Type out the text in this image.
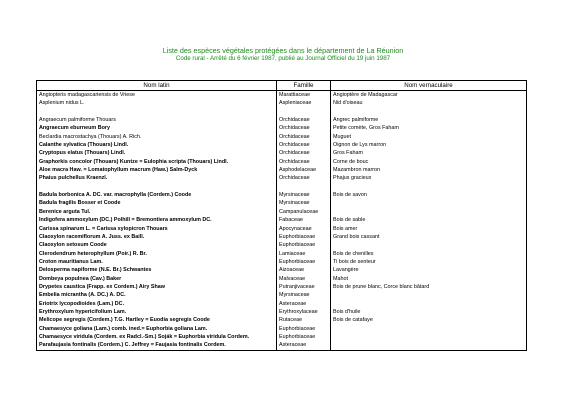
Liste des espèces végétales protégées dans le département de La Réunion
Code rural - Arrêté du 6 février 1987, publié au Journal Officiel du 19 juin 1987
Nom latin	Famille	Nom vernaculaire
Angiopteris madagascariensis de Vriese	Marattiaceae	Angioptère de Madagascar
Asplenium nidus L.	Aspleniaceae	Nid d'oiseau

Angraecum palmiforme Thouars	Orchidaceae	Angrec palmiforme
Angraecum eburneum Bory	Orchidaceae	Petite comète, Gros Faham
Beclardia macrostachya (Thouars) A. Rich.	Orchidaceae	Muguet
Calanthe sylvatica (Thouars) Lindl.	Orchidaceae	Oignon de Lys marron
Cryptopus elatus (Thouars) Lindl.	Orchidaceae	Gros Faham
Graphorkis concolor (Thouars) Kuntze = Eulophia scripta (Thouars) Lindl.	Orchidaceae	Corne de bouc
Aloe macra Haw. = Lomatophyllum macrum (Haw.) Salm-Dyck	Asphodelaceae	Mazambron marron
Phaius pulchellus Kraenzl.	Orchidaceae	Phajus gracieux

Badula borbonica A. DC. var. macrophylla (Cordem.) Coode	Myrsinaceae	Bois de savon
Badula fragilis Bosser et Coode	Myrsinaceae	
Berenice arguta Tul.	Campanulaceae	
Indigofera ammoxylum (DC.) Polhill = Bremontiera ammoxylum DC.	Fabaceae	Bois de sable
Carissa spinarum L. = Carissa xylopicron Thouars	Apocynaceae	Bois amer
Claoxylon racemiflorum A. Juss. ex Baill.	Euphorbiaceae	Grand bois cassant
Claoxylon setosum Coode	Euphorbiaceae	
Clerodendrum heterophyllum (Poir.) R. Br.	Lamiaceae	Bois de chenilles
Croton mauritianus Lam.	Euphorbiaceae	Ti bois de senteur
Delosperma napiforme (N.E. Br.) Schwantes	Aizoaceae	Lavangère
Dombeya populnea (Cav.) Baker	Malvaceae	Mahot
Drypetes caustica (Frapp. ex Cordem.) Airy Shaw	Putranjivaceae	Bois de prune blanc, Corce blanc bâtard
Embelia micrantha (A. DC.) A. DC.	Myrsinaceae	
Eriotrix lycopodioides (Lam.) DC.	Asteraceae	
Erythroxylum hypericifolium Lam.	Erythroxylaceae	Bois d'huile
Melicope segregis (Cordem.) T.G. Hartley = Euodia segregis Coode	Rutaceae	Bois de catafaye
Chamaesyce goliana (Lam.) comb. ined.= Euphorbia goliana Lam.	Euphorbiaceae	
Chamaesyce viridula (Cordem. ex Radcl.-Sm.) Soják = Euphorbia viridula Cordem.	Euphorbiaceae	
Parafaujasia fontinalis (Cordem.) C. Jeffrey = Faujasia fontinalis Cordem.	Asteraceae	
